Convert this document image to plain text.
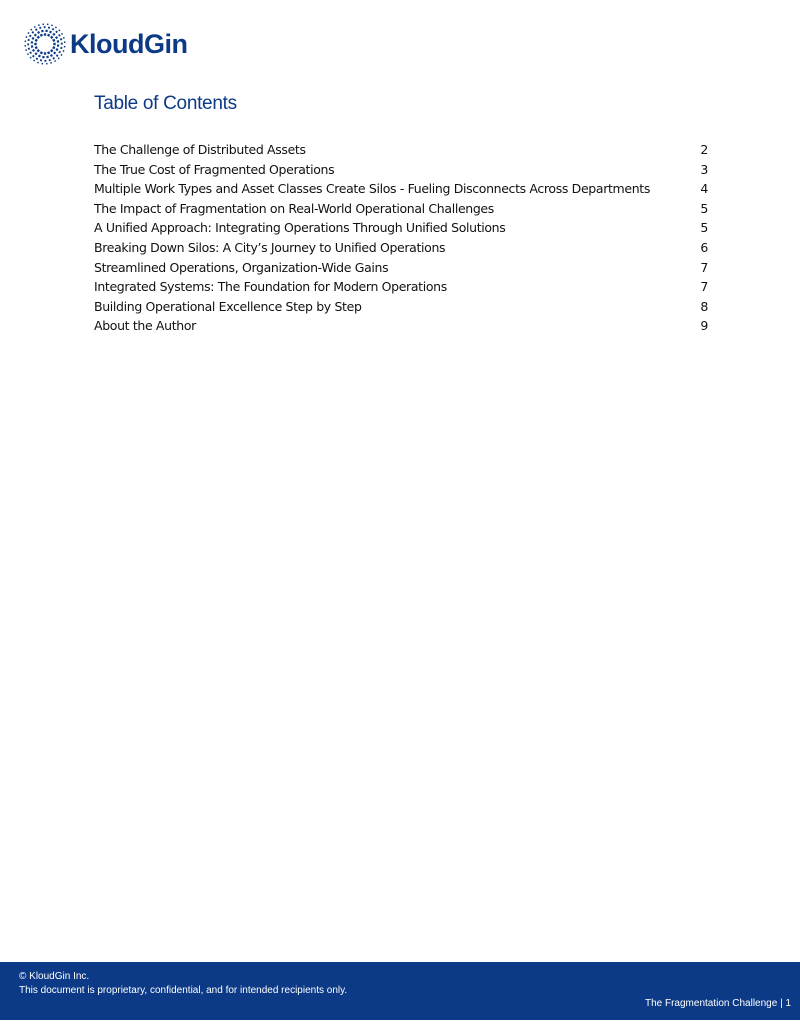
KloudGin
Table of Contents
The Challenge of Distributed Assets	2
The True Cost of Fragmented Operations	3
Multiple Work Types and Asset Classes Create Silos - Fueling Disconnects Across Departments	4
The Impact of Fragmentation on Real-World Operational Challenges	5
A Unified Approach: Integrating Operations Through Unified Solutions	5
Breaking Down Silos: A City’s Journey to Unified Operations	6
Streamlined Operations, Organization-Wide Gains	7
Integrated Systems: The Foundation for Modern Operations	7
Building Operational Excellence Step by Step	8
About the Author	9
© KloudGin Inc.
This document is proprietary, confidential, and for intended recipients only.
The Fragmentation Challenge | 1
